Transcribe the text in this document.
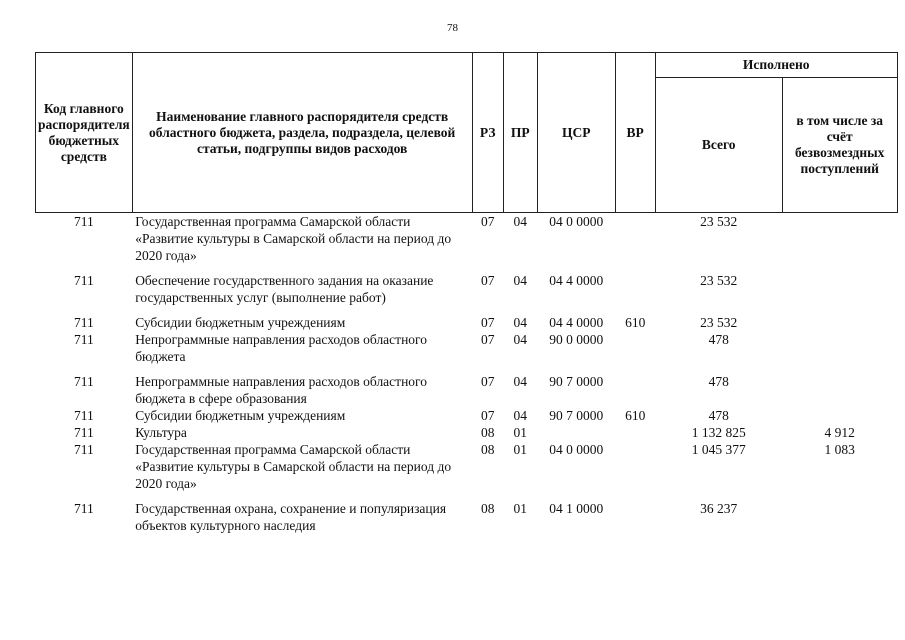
78
Код главного распорядителя бюджетных средств	Наименование главного распорядителя средств областного бюджета, раздела, подраздела, целевой статьи, подгруппы видов расходов	РЗ	ПР	ЦСР	ВР	Исполнено	
						Всего	в том числе за счёт безвозмездных поступлений
711	Государственная программа Самарской области «Развитие культуры в Самарской области на период до 2020 года»	07	04	04 0 0000		23 532	
711	Обеспечение государственного задания на оказание государственных услуг (выполнение работ)	07	04	04 4 0000		23 532	
711	Субсидии бюджетным учреждениям	07	04	04 4 0000	610	23 532	
711	Непрограммные направления расходов областного бюджета	07	04	90 0 0000		478	
711	Непрограммные направления расходов областного бюджета в сфере образования	07	04	90 7 0000		478	
711	Субсидии бюджетным учреждениям	07	04	90 7 0000	610	478	
711	Культура	08	01			1 132 825	4 912
711	Государственная программа Самарской области «Развитие культуры в Самарской области на период до 2020 года»	08	01	04 0 0000		1 045 377	1 083
711	Государственная охрана, сохранение и популяризация объектов культурного наследия	08	01	04 1 0000		36 237	
